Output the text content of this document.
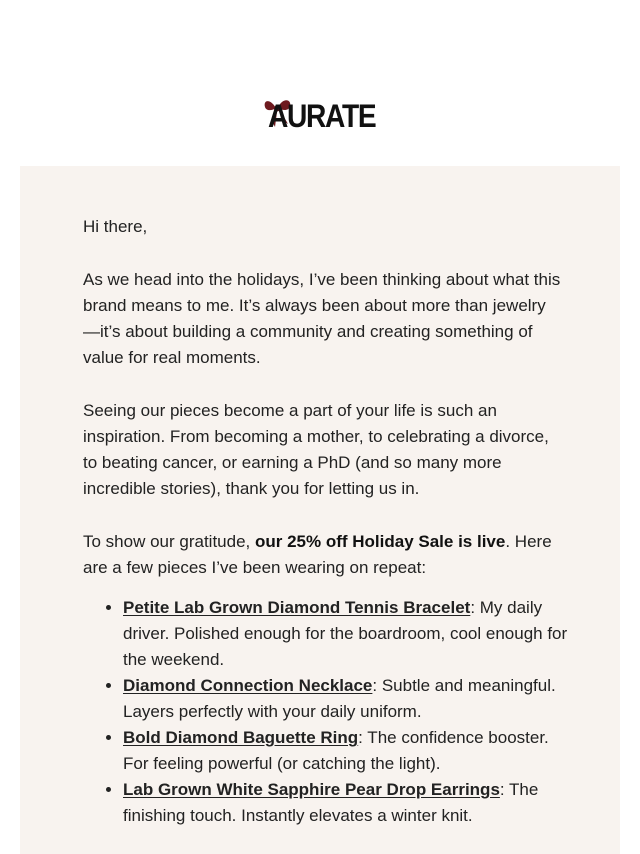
AURATE

Hi there,

As we head into the holidays, I’ve been thinking about what this brand means to me. It’s always been about more than jewelry—it’s about building a community and creating something of value for real moments.

Seeing our pieces become a part of your life is such an inspiration. From becoming a mother, to celebrating a divorce, to beating cancer, or earning a PhD (and so many more incredible stories), thank you for letting us in.

To show our gratitude, our 25% off Holiday Sale is live. Here are a few pieces I’ve been wearing on repeat:

• Petite Lab Grown Diamond Tennis Bracelet: My daily driver. Polished enough for the boardroom, cool enough for the weekend.
• Diamond Connection Necklace: Subtle and meaningful. Layers perfectly with your daily uniform.
• Bold Diamond Baguette Ring: The confidence booster. For feeling powerful (or catching the light).
• Lab Grown White Sapphire Pear Drop Earrings: The finishing touch. Instantly elevates a winter knit.
